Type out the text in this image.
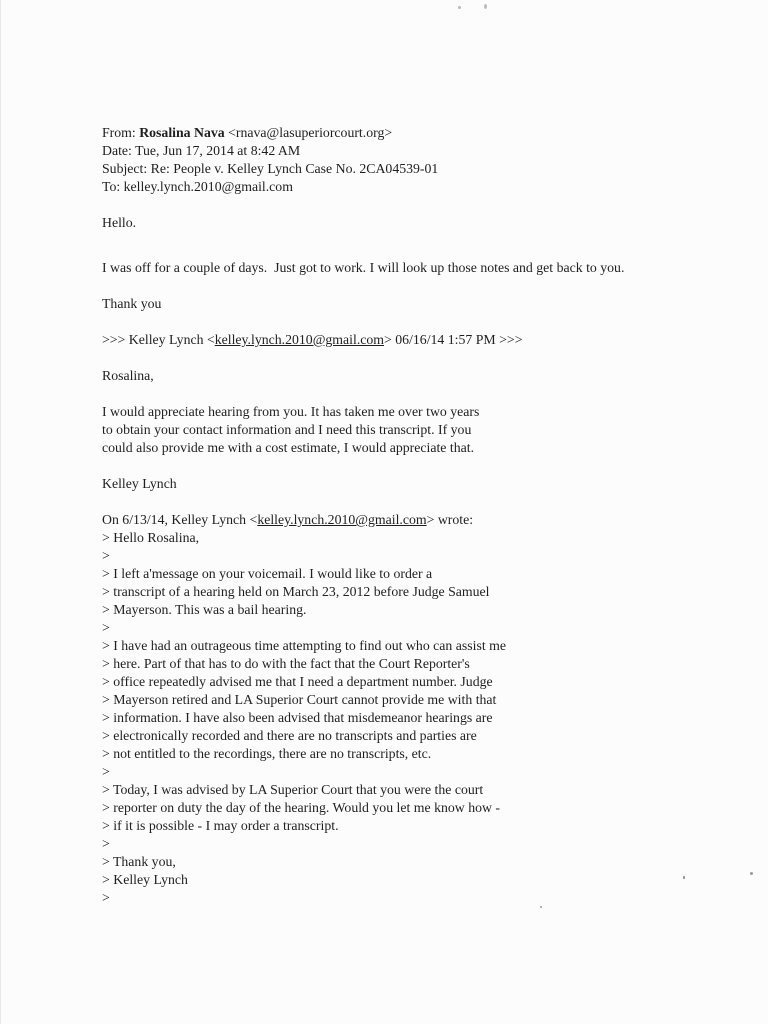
From: Rosalina Nava <rnava@lasuperiorcourt.org>
Date: Tue, Jun 17, 2014 at 8:42 AM
Subject: Re: People v. Kelley Lynch Case No. 2CA04539-01
To: kelley.lynch.2010@gmail.com
Hello.
I was off for a couple of days.  Just got to work. I will look up those notes and get back to you.
Thank you
>>> Kelley Lynch <kelley.lynch.2010@gmail.com> 06/16/14 1:57 PM >>>
Rosalina,
I would appreciate hearing from you. It has taken me over two years
to obtain your contact information and I need this transcript. If you
could also provide me with a cost estimate, I would appreciate that.
Kelley Lynch
On 6/13/14, Kelley Lynch <kelley.lynch.2010@gmail.com> wrote:
> Hello Rosalina,
>
> I left a'message on your voicemail. I would like to order a
> transcript of a hearing held on March 23, 2012 before Judge Samuel
> Mayerson. This was a bail hearing.
>
> I have had an outrageous time attempting to find out who can assist me
> here. Part of that has to do with the fact that the Court Reporter's
> office repeatedly advised me that I need a department number. Judge
> Mayerson retired and LA Superior Court cannot provide me with that
> information. I have also been advised that misdemeanor hearings are
> electronically recorded and there are no transcripts and parties are
> not entitled to the recordings, there are no transcripts, etc.
>
> Today, I was advised by LA Superior Court that you were the court
> reporter on duty the day of the hearing. Would you let me know how -
> if it is possible - I may order a transcript.
>
> Thank you,
> Kelley Lynch
>
